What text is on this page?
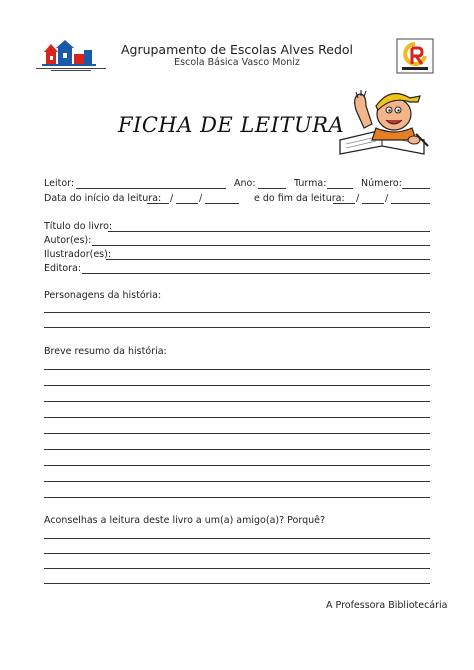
Agrupamento de Escolas Alves Redol
Escola Básica Vasco Moniz
FICHA DE LEITURA
Leitor:	Ano:	Turma:	Número:
Data do início da leitura: /	/	e do fim da leitura: /	/
Título do livro:
Autor(es):
Ilustrador(es):
Editora:
Personagens da história:
Breve resumo da história:
Aconselhas a leitura deste livro a um(a) amigo(a)? Porquê?
A Professora Bibliotecária
